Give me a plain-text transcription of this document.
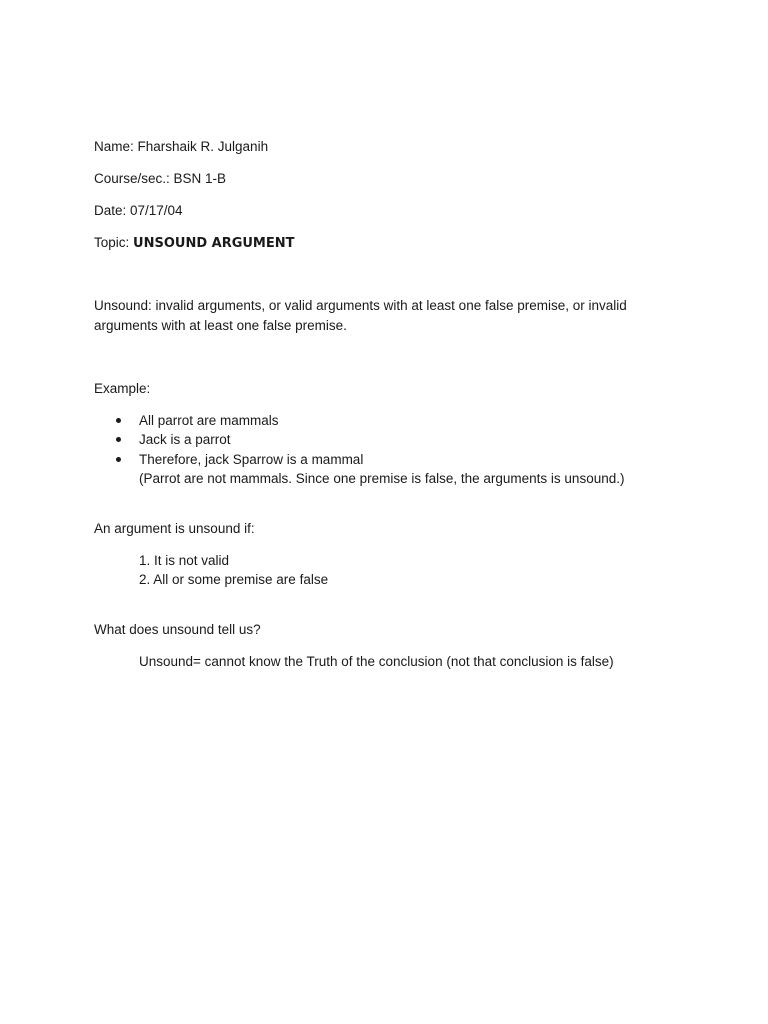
Name: Fharshaik R. Julganih
Course/sec.: BSN 1-B
Date: 07/17/04
Topic: UNSOUND ARGUMENT
Unsound: invalid arguments, or valid arguments with at least one false premise, or invalid arguments with at least one false premise.
Example:
All parrot are mammals
Jack is a parrot
Therefore, jack Sparrow is a mammal
(Parrot are not mammals. Since one premise is false, the arguments is unsound.)
An argument is unsound if:
1. It is not valid
2. All or some premise are false
What does unsound tell us?
Unsound= cannot know the Truth of the conclusion (not that conclusion is false)
